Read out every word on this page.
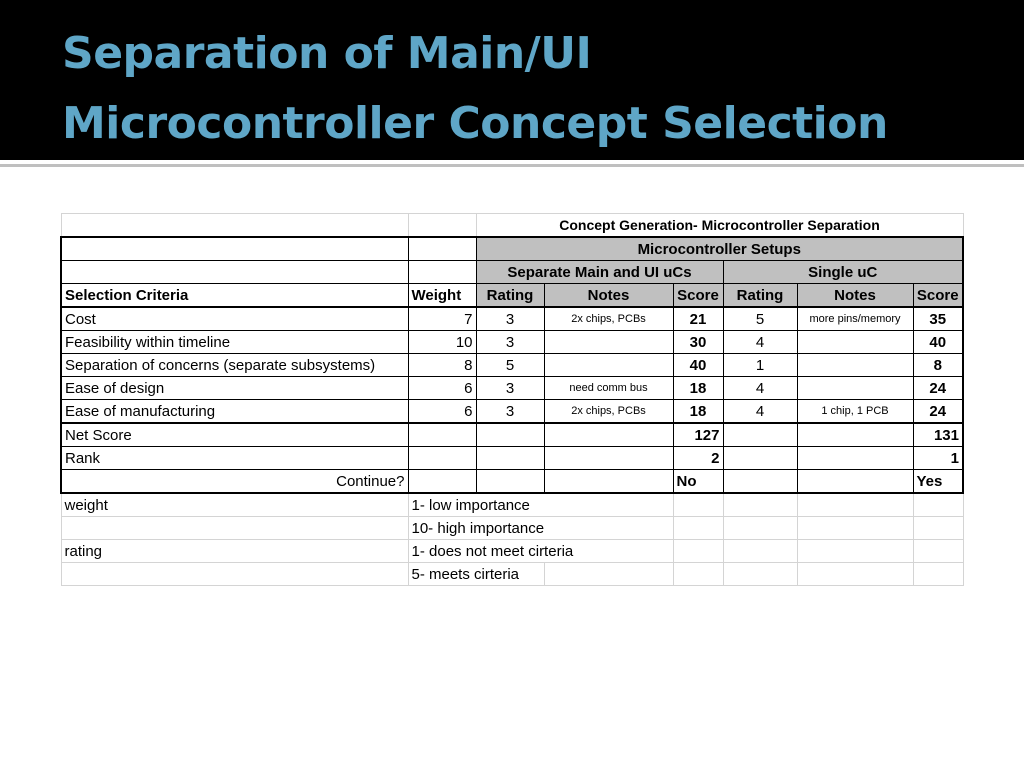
Separation of Main/UI
Microcontroller Concept Selection
		Concept Generation- Microcontroller Separation					
		Microcontroller Setups					
		Separate Main and UI uCs			Single uC		
Selection Criteria	Weight	Rating	Notes	Score	Rating	Notes	Score
Cost	7	3	2x chips, PCBs	21	5	more pins/memory	35
Feasibility within timeline	10	3		30	4		40
Separation of concerns (separate subsystems)	8	5		40	1		8
Ease of design	6	3	need comm bus	18	4		24
Ease of manufacturing	6	3	2x chips, PCBs	18	4	1 chip, 1 PCB	24
Net Score				127			131
Rank				2			1
Continue?				No			Yes
weight	1- low importance						
	10- high importance						
rating	1- does not meet cirteria						
	5- meets cirteria						
